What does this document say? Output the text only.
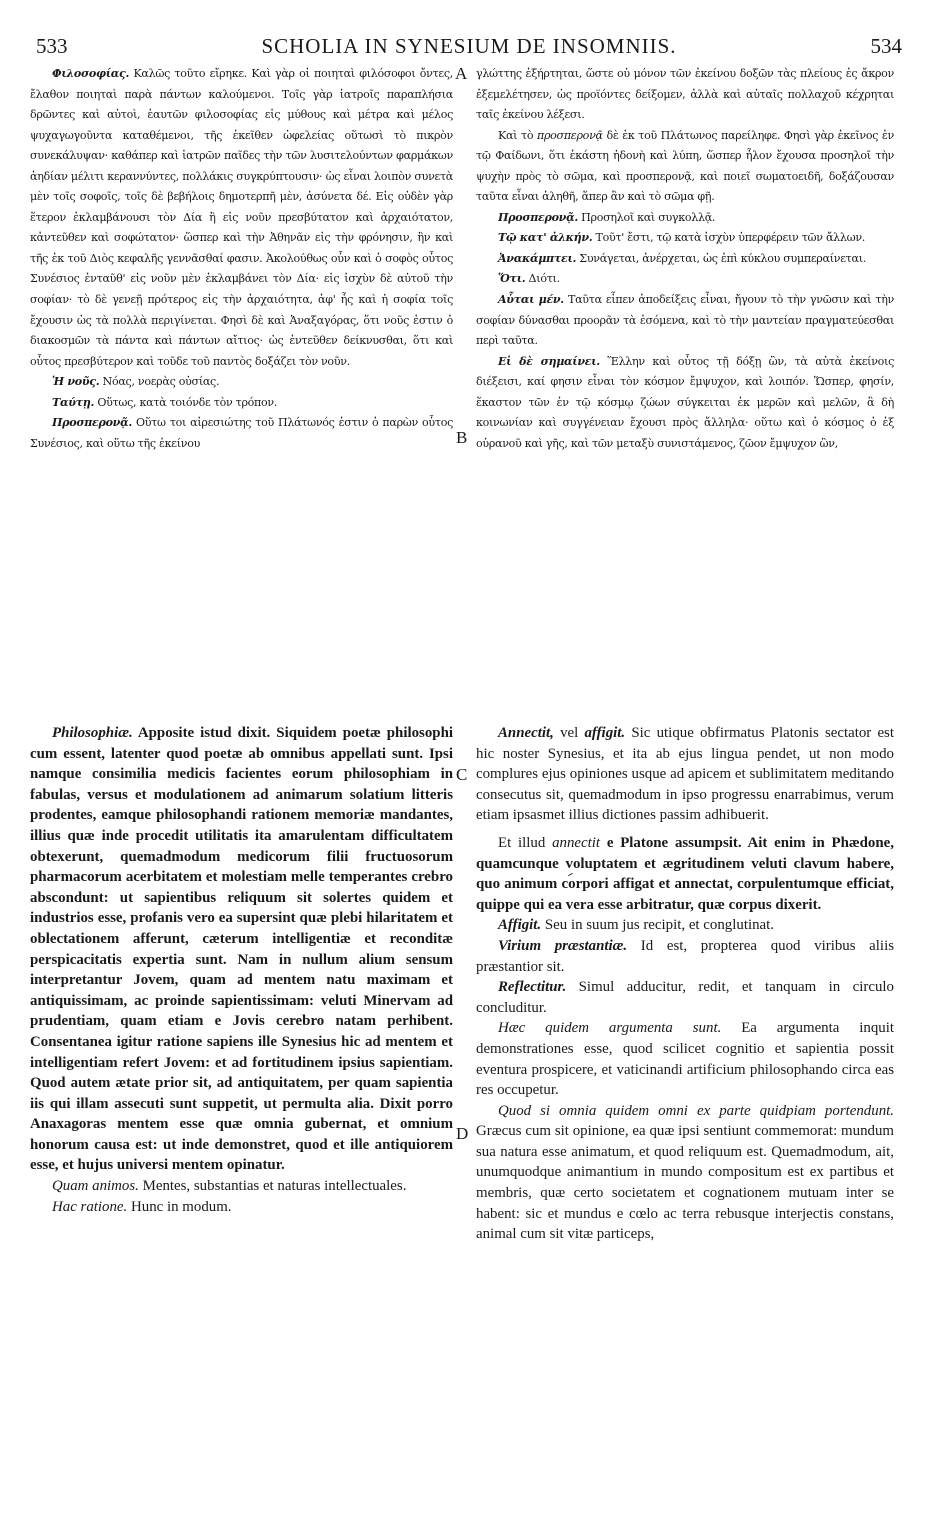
533	SCHOLIA IN SYNESIUM DE INSOMNIIS.	534

Φιλοσοφίας. Καλῶς τοῦτο εἴρηκε. Καὶ γὰρ οἱ ποιηταὶ φιλόσοφοι ὄντες, ἔλαθον ποιηταὶ παρὰ πάντων καλούμενοι. Τοῖς γὰρ ἰατροῖς παραπλήσια δρῶντες καὶ αὐτοὶ, ἑαυτῶν φιλοσοφίας εἰς μύθους καὶ μέτρα καὶ μέλος ψυχαγωγοῦντα καταθέμενοι, τῆς ἐκεῖθεν ὠφελείας οὕτωσὶ τὸ πικρὸν συνεκάλυψαν· καθάπερ καὶ ἰατρῶν παῖδες τὴν τῶν λυσιτελούντων φαρμάκων ἀηδίαν μέλιτι κεραννύντες, πολλάκις συγκρύπτουσιν· ὡς εἶναι λοιπὸν συνετὰ μὲν τοῖς σοφοῖς, τοῖς δὲ βεβήλοις δημοτερπῆ μὲν, ἀσύνετα δέ. Εἰς οὐδὲν γὰρ ἕτερον ἐκλαμβάνουσι τὸν Δία ἢ εἰς νοῦν πρεσβύτατον καὶ ἀρχαιότατον, κἀντεῦθεν καὶ σοφώτατον· ὥσπερ καὶ τὴν Ἀθηνᾶν εἰς τὴν φρόνησιν, ἣν καὶ τῆς ἐκ τοῦ Διὸς κεφαλῆς γεννᾶσθαί φασιν. Ἀκολούθως οὖν καὶ ὁ σοφὸς οὗτος Συνέσιος ἐνταῦθ' εἰς νοῦν μὲν ἐκλαμβάνει τὸν Δία· εἰς ἰσχὺν δὲ αὐτοῦ τὴν σοφίαν· τὸ δὲ γενεῇ πρότερος εἰς τὴν ἀρχαιότητα, ἀφ' ἧς καὶ ἡ σοφία τοῖς ἔχουσιν ὡς τὰ πολλὰ περιγίνεται. Φησὶ δὲ καὶ Ἀναξαγόρας, ὅτι νοῦς ἐστιν ὁ διακοσμῶν τὰ πάντα καὶ πάντων αἴτιος· ὡς ἐντεῦθεν δείκνυσθαι, ὅτι καὶ οὗτος πρεσβύτερον καὶ τοῦδε τοῦ παντὸς δοξάζει τὸν νοῦν.

Ἡ νοῦς. Νόας, νοερὰς οὐσίας.

Ταύτῃ. Οὕτως, κατὰ τοιόνδε τὸν τρόπον.

Προσπερονᾷ. Οὕτω τοι αἱρεσιώτης τοῦ Πλάτωνός ἐστιν ὁ παρὼν οὗτος Συνέσιος, καὶ οὕτω τῆς ἐκείνου

γλώττης ἐξήρτηται, ὥστε οὐ μόνον τῶν ἐκείνου δοξῶν τὰς πλείους ἐς ἄκρον ἐξεμελέτησεν, ὡς προϊόντες δείξομεν, ἀλλὰ καὶ αὐταῖς πολλαχοῦ κέχρηται ταῖς ἐκείνου λέξεσι.

Καὶ τὸ προσπερονᾷ δὲ ἐκ τοῦ Πλάτωνος παρείληφε. Φησὶ γὰρ ἐκεῖνος ἐν τῷ Φαίδωνι, ὅτι ἑκάστη ἡδονὴ καὶ λύπη, ὥσπερ ἧλον ἔχουσα προσηλοῖ τὴν ψυχὴν πρὸς τὸ σῶμα, καὶ προσπερονᾷ, καὶ ποιεῖ σωματοειδῆ, δοξάζουσαν ταῦτα εἶναι ἀληθῆ, ἅπερ ἂν καὶ τὸ σῶμα φῇ.

Προσπερονᾷ. Προσηλοῖ καὶ συγκολλᾷ.

Τῷ κατ' ἀλκήν. Τοῦτ' ἔστι, τῷ κατὰ ἰσχὺν ὑπερφέρειν τῶν ἄλλων.

Ἀνακάμπτει. Συνάγεται, ἀνέρχεται, ὡς ἐπὶ κύκλου συμπεραίνεται.

Ὅτι. Διότι.

Αὗται μέν. Ταῦτα εἶπεν ἀποδείξεις εἶναι, ἤγουν τὸ τὴν γνῶσιν καὶ τὴν σοφίαν δύνασθαι προορᾶν τὰ ἐσόμενα, καὶ τὸ τὴν μαντείαν πραγματεύεσθαι περὶ ταῦτα.

Εἰ δὲ σημαίνει. Ἕλλην καὶ οὗτος τῇ δόξῃ ὢν, τὰ αὐτὰ ἐκείνοις διέξεισι, καί φησιν εἶναι τὸν κόσμον ἔμψυχον, καὶ λοιπόν. Ὥσπερ, φησίν, ἕκαστον τῶν ἐν τῷ κόσμῳ ζώων σύγκειται ἐκ μερῶν καὶ μελῶν, ἃ δὴ κοινωνίαν καὶ συγγένειαν ἔχουσι πρὸς ἄλληλα· οὕτω καὶ ὁ κόσμος ὁ ἐξ οὐρανοῦ καὶ γῆς, καὶ τῶν μεταξὺ συνιστάμενος, ζῶον ἔμψυχον ὢν,

Philosophiæ. Apposite istud dixit. Siquidem poetæ philosophi cum essent, latenter quod poetæ ab omnibus appellati sunt. Ipsi namque consimilia medicis facientes eorum philosophiam in fabulas, versus et modulationem ad animarum solatium litteris prodentes, eamque philosophandi rationem memoriæ mandantes, illius quæ inde procedit utilitatis ita amarulentam difficultatem obtexerunt, quemadmodum medicorum filii fructuosorum pharmacorum acerbitatem et molestiam melle temperantes crebro abscondunt: ut sapientibus reliquum sit solertes quidem et industrios esse, profanis vero ea supersint quæ plebi hilaritatem et oblectationem afferunt, cæterum intelligentiæ et reconditæ perspicacitatis expertia sunt. Nam in nullum alium sensum interpretantur Jovem, quam ad mentem natu maximam et antiquissimam, ac proinde sapientissimam: veluti Minervam ad prudentiam, quam etiam e Jovis cerebro natam perhibent. Consentanea igitur ratione sapiens ille Synesius hic ad mentem et intelligentiam refert Jovem: et ad fortitudinem ipsius sapientiam. Quod autem ætate prior sit, ad antiquitatem, per quam sapientia iis qui illam assecuti sunt suppetit, ut permulta alia. Dixit porro Anaxagoras mentem esse quæ omnia gubernat, et omnium honorum causa est: ut inde demonstret, quod et ille antiquiorem esse, et hujus universi mentem opinatur.

Quam animos. Mentes, substantias et naturas intellectuales.

Hac ratione. Hunc in modum.

Annectit, vel affigit. Sic utique obfirmatus Platonis sectator est hic noster Synesius, et ita ab ejus lingua pendet, ut non modo complures ejus opiniones usque ad apicem et sublimitatem meditando consecutus sit, quemadmodum in ipso progressu enarrabimus, verum etiam ipsasmet illius dictiones passim adhibuerit.

Et illud annectit e Platone assumpsit. Ait enim in Phædone, quamcunque voluptatem et ægritudinem veluti clavum habere, quo animum corpori affigat et annectat, corpulentumque efficiat, quippe qui ea vera esse arbitratur, quæ corpus dixerit.

Affigit. Seu in suum jus recipit, et conglutinat.

Virium præstantiæ. Id est, propterea quod viribus aliis præstantior sit.

Reflectitur. Simul adducitur, redit, et tanquam in circulo concluditur.

Hæc quidem argumenta sunt. Ea argumenta inquit demonstrationes esse, quod scilicet cognitio et sapientia possit eventura prospicere, et vaticinandi artificium philosophando circa eas res occupetur.

Quod si omnia quidem omni ex parte quidpiam portendunt. Græcus cum sit opinione, ea quæ ipsi sentiunt commemorat: mundum sua natura esse animatum, et quod reliquum est. Quemadmodum, ait, unumquodque animantium in mundo compositum est ex partibus et membris, quæ certo societatem et cognationem mutuam inter se habent: sic et mundus e cœlo ac terra rebusque interjectis constans, animal cum sit vitæ particeps,

A
B
C
D
